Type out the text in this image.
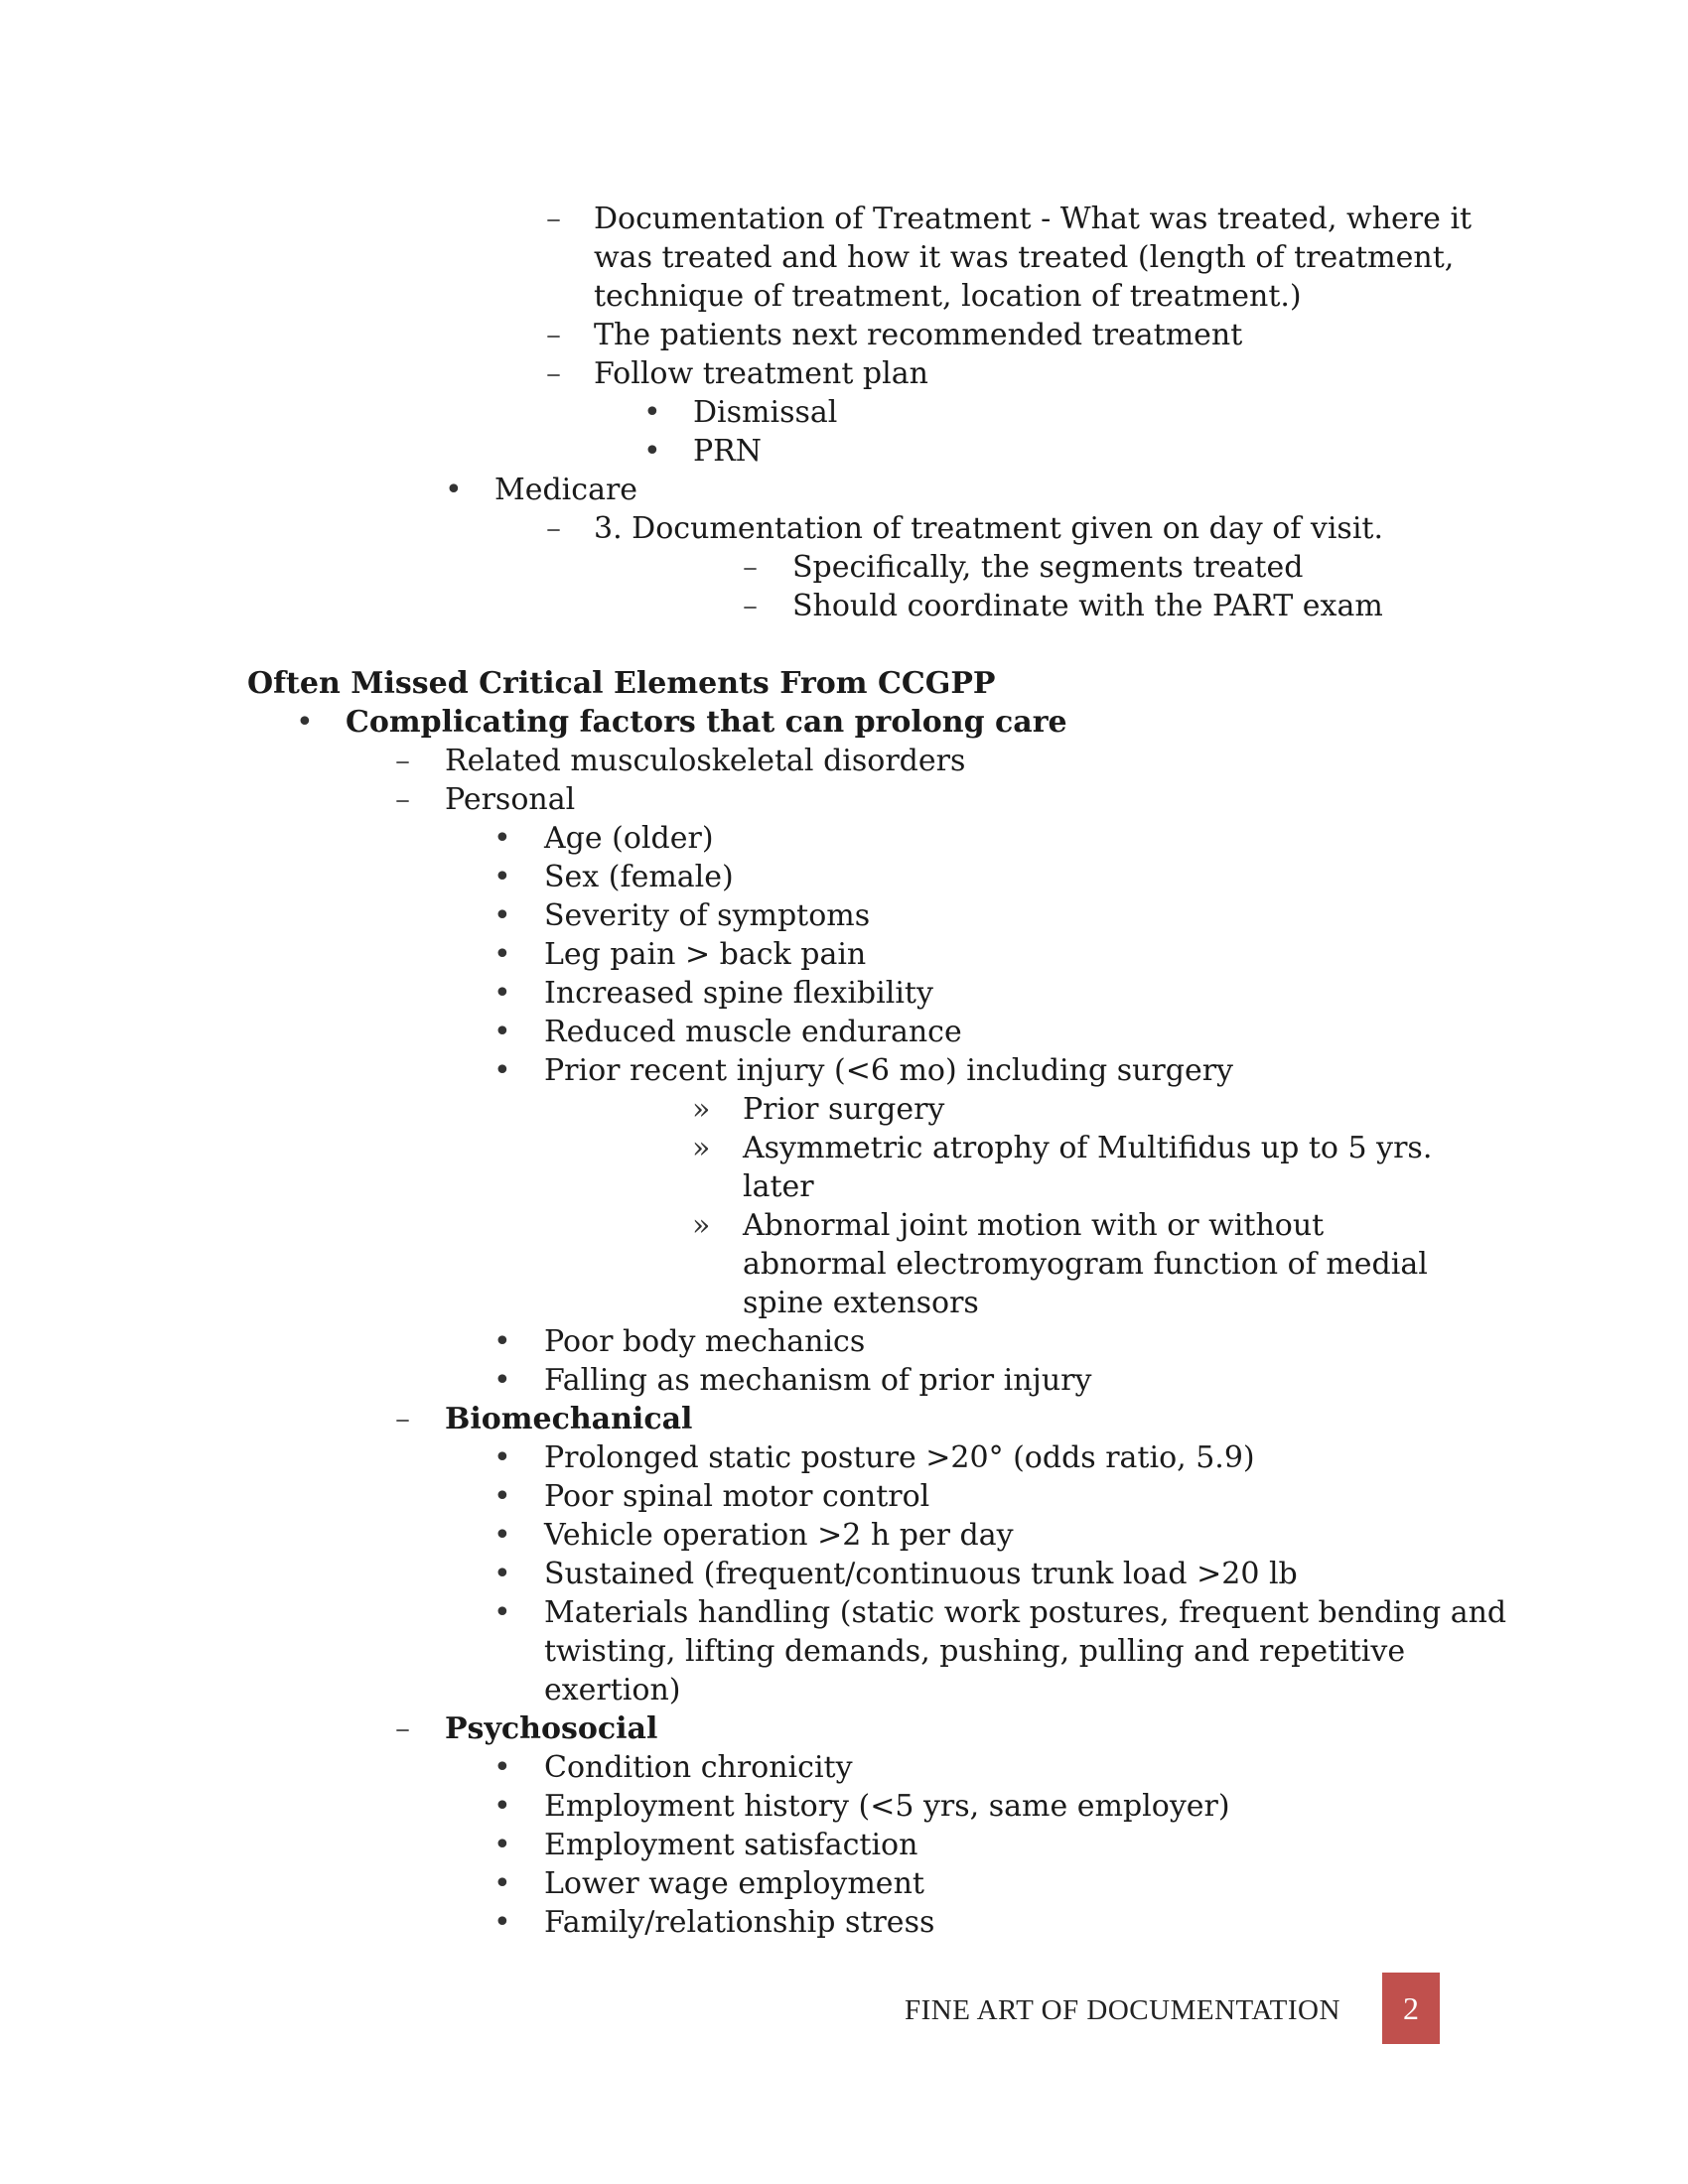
– Documentation of Treatment - What was treated, where it
was treated and how it was treated (length of treatment,
technique of treatment, location of treatment.)
– The patients next recommended treatment
– Follow treatment plan
• Dismissal
• PRN
• Medicare
– 3. Documentation of treatment given on day of visit.
– Specifically, the segments treated
– Should coordinate with the PART exam
Often Missed Critical Elements From CCGPP
• Complicating factors that can prolong care
– Related musculoskeletal disorders
– Personal
• Age (older)
• Sex (female)
• Severity of symptoms
• Leg pain > back pain
• Increased spine flexibility
• Reduced muscle endurance
• Prior recent injury (<6 mo) including surgery
» Prior surgery
» Asymmetric atrophy of Multifidus up to 5 yrs.
later
» Abnormal joint motion with or without
abnormal electromyogram function of medial
spine extensors
• Poor body mechanics
• Falling as mechanism of prior injury
– Biomechanical
• Prolonged static posture >20° (odds ratio, 5.9)
• Poor spinal motor control
• Vehicle operation >2 h per day
• Sustained (frequent/continuous trunk load >20 lb
• Materials handling (static work postures, frequent bending and
twisting, lifting demands, pushing, pulling and repetitive
exertion)
– Psychosocial
• Condition chronicity
• Employment history (<5 yrs, same employer)
• Employment satisfaction
• Lower wage employment
• Family/relationship stress
FINE ART OF DOCUMENTATION	2
